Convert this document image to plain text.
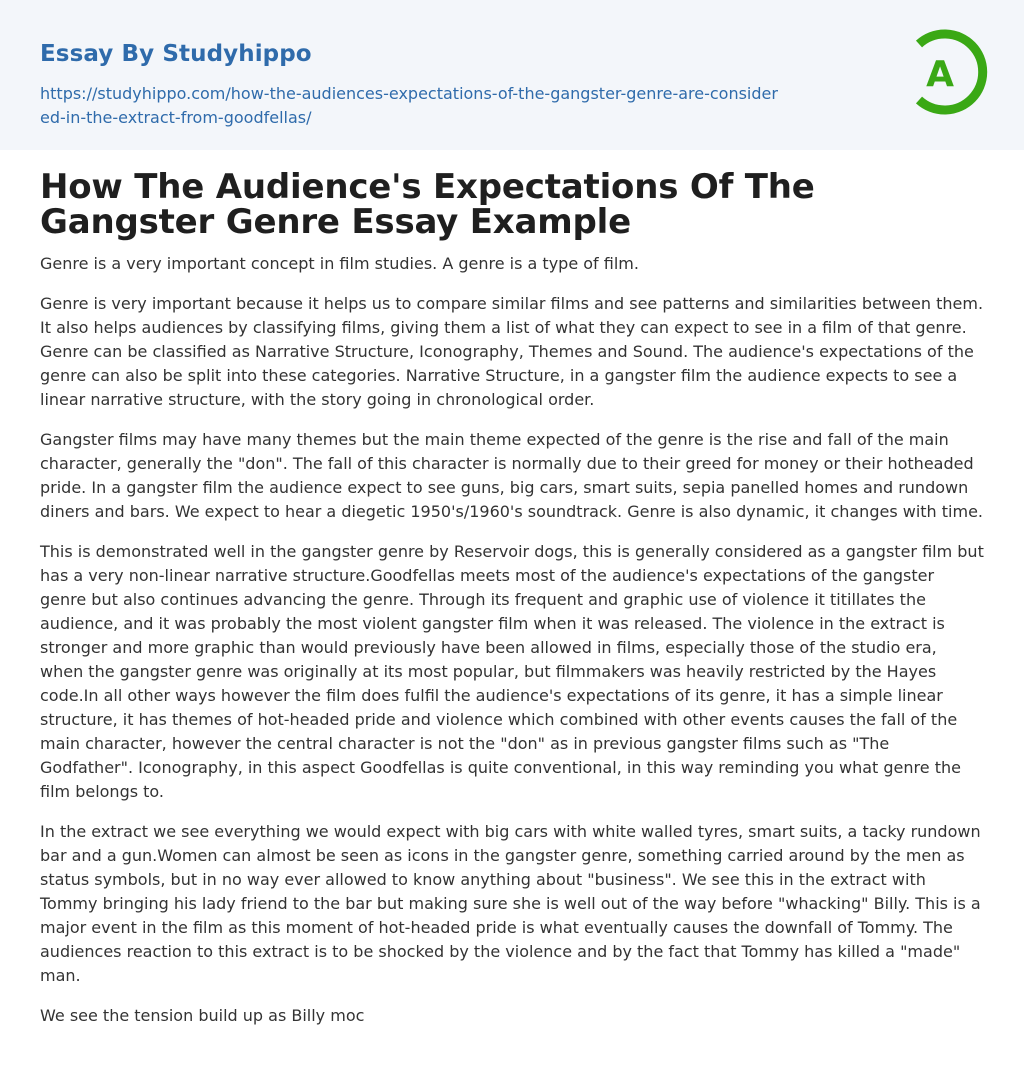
Essay By Studyhippo
https://studyhippo.com/how-the-audiences-expectations-of-the-gangster-genre-are-considered-in-the-extract-from-goodfellas/
A
How The Audience's Expectations Of The Gangster Genre Essay Example

Genre is a very important concept in film studies. A genre is a type of film.

Genre is very important because it helps us to compare similar films and see patterns and similarities between them. It also helps audiences by classifying films, giving them a list of what they can expect to see in a film of that genre. Genre can be classified as Narrative Structure, Iconography, Themes and Sound. The audience's expectations of the genre can also be split into these categories. Narrative Structure, in a gangster film the audience expects to see a linear narrative structure, with the story going in chronological order.

Gangster films may have many themes but the main theme expected of the genre is the rise and fall of the main character, generally the "don". The fall of this character is normally due to their greed for money or their hotheaded pride. In a gangster film the audience expect to see guns, big cars, smart suits, sepia panelled homes and rundown diners and bars. We expect to hear a diegetic 1950's/1960's soundtrack. Genre is also dynamic, it changes with time.

This is demonstrated well in the gangster genre by Reservoir dogs, this is generally considered as a gangster film but has a very non-linear narrative structure.Goodfellas meets most of the audience's expectations of the gangster genre but also continues advancing the genre. Through its frequent and graphic use of violence it titillates the audience, and it was probably the most violent gangster film when it was released. The violence in the extract is stronger and more graphic than would previously have been allowed in films, especially those of the studio era, when the gangster genre was originally at its most popular, but filmmakers was heavily restricted by the Hayes code.In all other ways however the film does fulfil the audience's expectations of its genre, it has a simple linear structure, it has themes of hot-headed pride and violence which combined with other events causes the fall of the main character, however the central character is not the "don" as in previous gangster films such as "The Godfather". Iconography, in this aspect Goodfellas is quite conventional, in this way reminding you what genre the film belongs to.

In the extract we see everything we would expect with big cars with white walled tyres, smart suits, a tacky rundown bar and a gun.Women can almost be seen as icons in the gangster genre, something carried around by the men as status symbols, but in no way ever allowed to know anything about "business". We see this in the extract with Tommy bringing his lady friend to the bar but making sure she is well out of the way before "whacking" Billy. This is a major event in the film as this moment of hot-headed pride is what eventually causes the downfall of Tommy. The audiences reaction to this extract is to be shocked by the violence and by the fact that Tommy has killed a "made" man.

We see the tension build up as Billy moc
